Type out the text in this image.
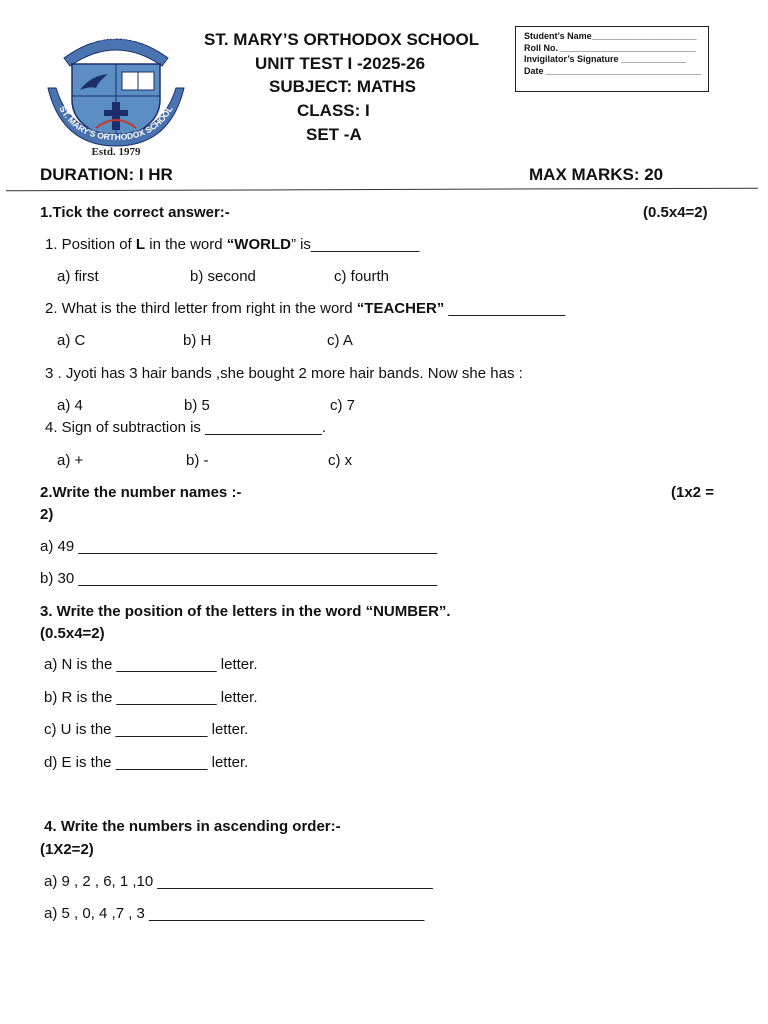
LOVE ONE ANOTHER
ST. MARY'S ORTHODOX SCHOOL
Estd. 1979
ST. MARY’S ORTHODOX SCHOOL
UNIT TEST I -2025-26
SUBJECT: MATHS
CLASS: I
SET -A
Student’s Name_____________________
Roll No. ___________________________
Invigilator’s Signature _____________
Date _______________________________
DURATION: I HR	MAX MARKS: 20
1.Tick the correct answer:-	(0.5x4=2)
1. Position of L in the word “WORLD” is_____________
a) first	b) second	c) fourth
2. What is the third letter from right in the word “TEACHER” ______________
a) C	b) H	c) A
3 . Jyoti has 3 hair bands ,she bought 2 more hair bands. Now she has :
a) 4	b) 5	c) 7
4. Sign of subtraction is ______________.
a) +	b) -	c) x
2.Write the number names :-	(1x2 =
2)
a) 49 ___________________________________________
b) 30 ___________________________________________
3. Write the position of the letters in the word “NUMBER”.
(0.5x4=2)
a) N is the ____________ letter.
b) R is the ____________ letter.
c) U is the ___________ letter.
d) E is the ___________ letter.
4. Write the numbers in ascending order:-
(1X2=2)
a) 9 , 2 , 6, 1 ,10 _________________________________
a) 5 , 0, 4 ,7 , 3 _________________________________
